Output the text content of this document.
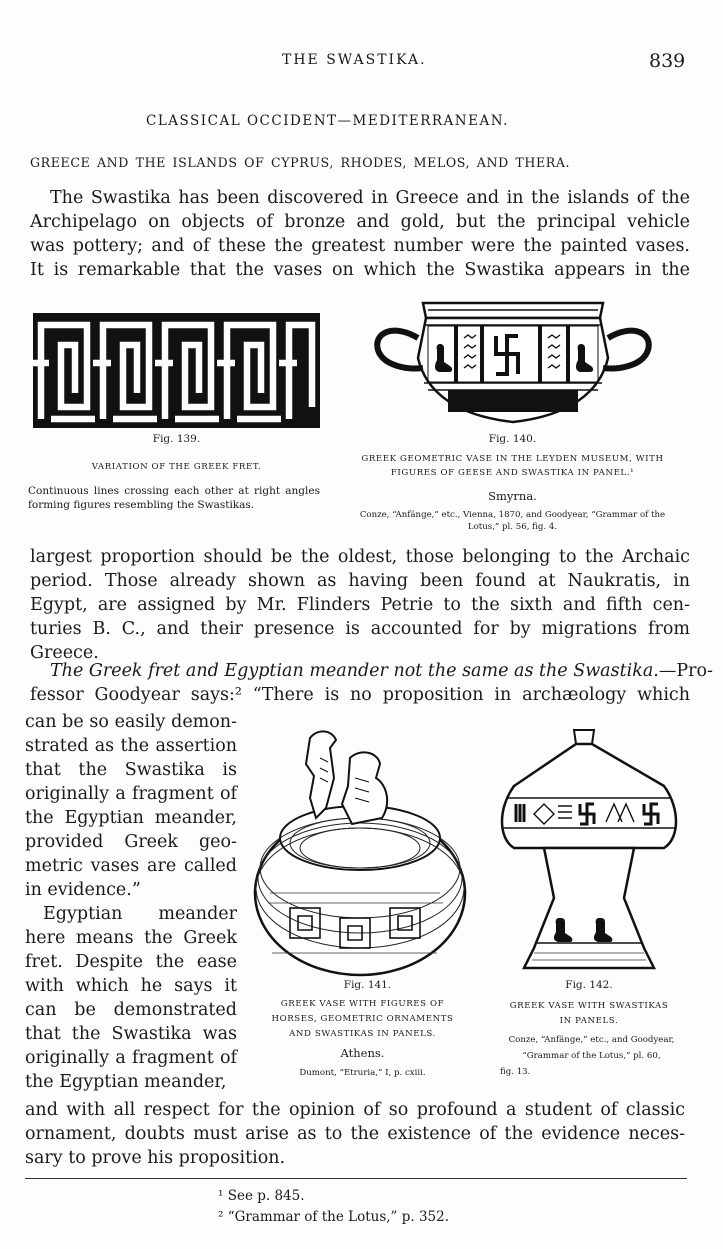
THE SWASTIKA.	839
CLASSICAL OCCIDENT—MEDITERRANEAN.
GREECE AND THE ISLANDS OF CYPRUS, RHODES, MELOS, AND THERA.
The Swastika has been discovered in Greece and in the islands of the
Archipelago on objects of bronze and gold, but the principal vehicle
was pottery; and of these the greatest number were the painted vases.
It is remarkable that the vases on which the Swastika appears in the
Fig. 139.
VARIATION OF THE GREEK FRET.
Continuous lines crossing each other at right angles forming figures resembling the Swastikas.
Fig. 140.
GREEK GEOMETRIC VASE IN THE LEYDEN MUSEUM, WITH
FIGURES OF GEESE AND SWASTIKA IN PANEL.¹
Smyrna.
Conze, “Anfänge,” etc., Vienna, 1870, and Goodyear, “Grammar of the
Lotus,” pl. 56, fig. 4.
largest proportion should be the oldest, those belonging to the Archaic
period. Those already shown as having been found at Naukratis, in
Egypt, are assigned by Mr. Flinders Petrie to the sixth and fifth cen-
turies B. C., and their presence is accounted for by migrations from
Greece.
The Greek fret and Egyptian meander not the same as the Swastika.—Pro-
fessor Goodyear says:² “There is no proposition in archæology which
can be so easily demon-
strated as the assertion
that the Swastika is
originally a fragment of
the Egyptian meander,
provided Greek geo-
metric vases are called
in evidence.”
Egyptian meander
here means the Greek
fret. Despite the ease
with which he says it
can be demonstrated
that the Swastika was
originally a fragment of
the Egyptian meander,
Fig. 141.
GREEK VASE WITH FIGURES OF
HORSES, GEOMETRIC ORNAMENTS
AND SWASTIKAS IN PANELS.
Athens.
Dumont, “Etruria,” I, p. cxiii.
Fig. 142.
GREEK VASE WITH SWASTIKAS
IN PANELS.
Conze, “Anfänge,” etc., and Goodyear,
“Grammar of the Lotus,” pl. 60,
fig. 13.
and with all respect for the opinion of so profound a student of classic
ornament, doubts must arise as to the existence of the evidence neces-
sary to prove his proposition.
¹ See p. 845.
² “Grammar of the Lotus,” p. 352.
